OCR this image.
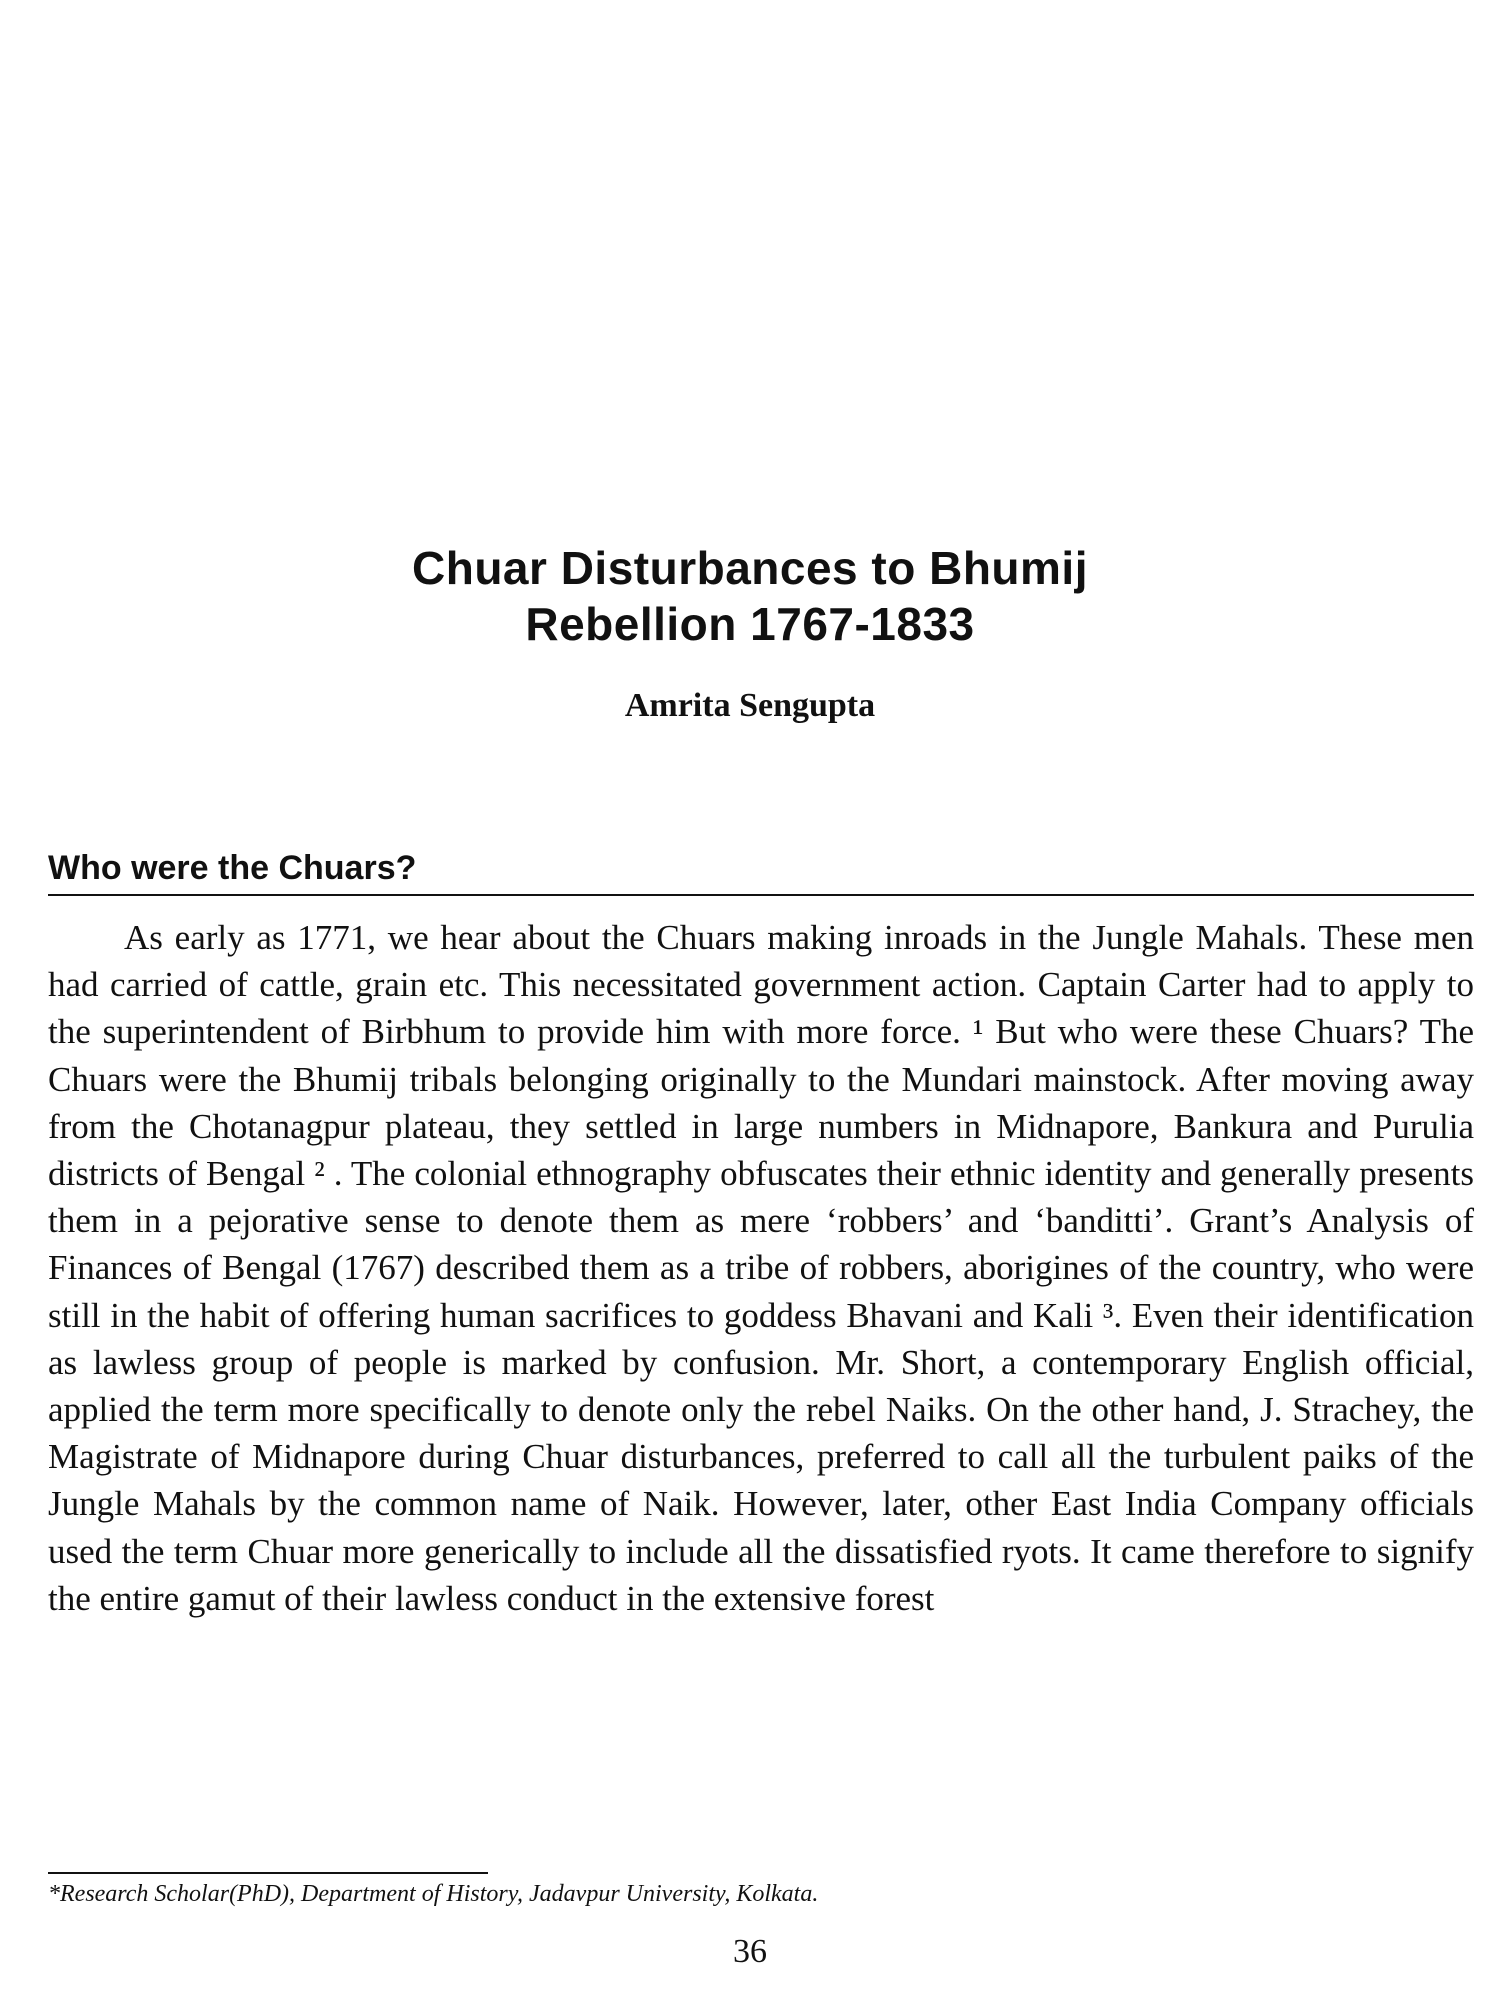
Chuar Disturbances to Bhumij
Rebellion 1767-1833
Amrita Sengupta
Who were the Chuars?

As early as 1771, we hear about the Chuars making inroads in the Jungle Mahals. These men had carried of cattle, grain etc. This necessitated government action. Captain Carter had to apply to the superintendent of Birbhum to provide him with more force. ¹ But who were these Chuars? The Chuars were the Bhumij tribals belonging originally to the Mundari mainstock. After moving away from the Chotanagpur plateau, they settled in large numbers in Midnapore, Bankura and Purulia districts of Bengal ² . The colonial ethnography obfuscates their ethnic identity and generally presents them in a pejorative sense to denote them as mere ‘robbers’ and ‘banditti’. Grant’s Analysis of Finances of Bengal (1767) described them as a tribe of robbers, aborigines of the country, who were still in the habit of offering human sacrifices to goddess Bhavani and Kali ³. Even their identification as lawless group of people is marked by confusion. Mr. Short, a contemporary English official, applied the term more specifically to denote only the rebel Naiks. On the other hand, J. Strachey, the Magistrate of Midnapore during Chuar disturbances, preferred to call all the turbulent paiks of the Jungle Mahals by the common name of Naik. However, later, other East India Company officials used the term Chuar more generically to include all the dissatisfied ryots. It came therefore to signify the entire gamut of their lawless conduct in the extensive forest

*Research Scholar(PhD), Department of History, Jadavpur University, Kolkata.
36
